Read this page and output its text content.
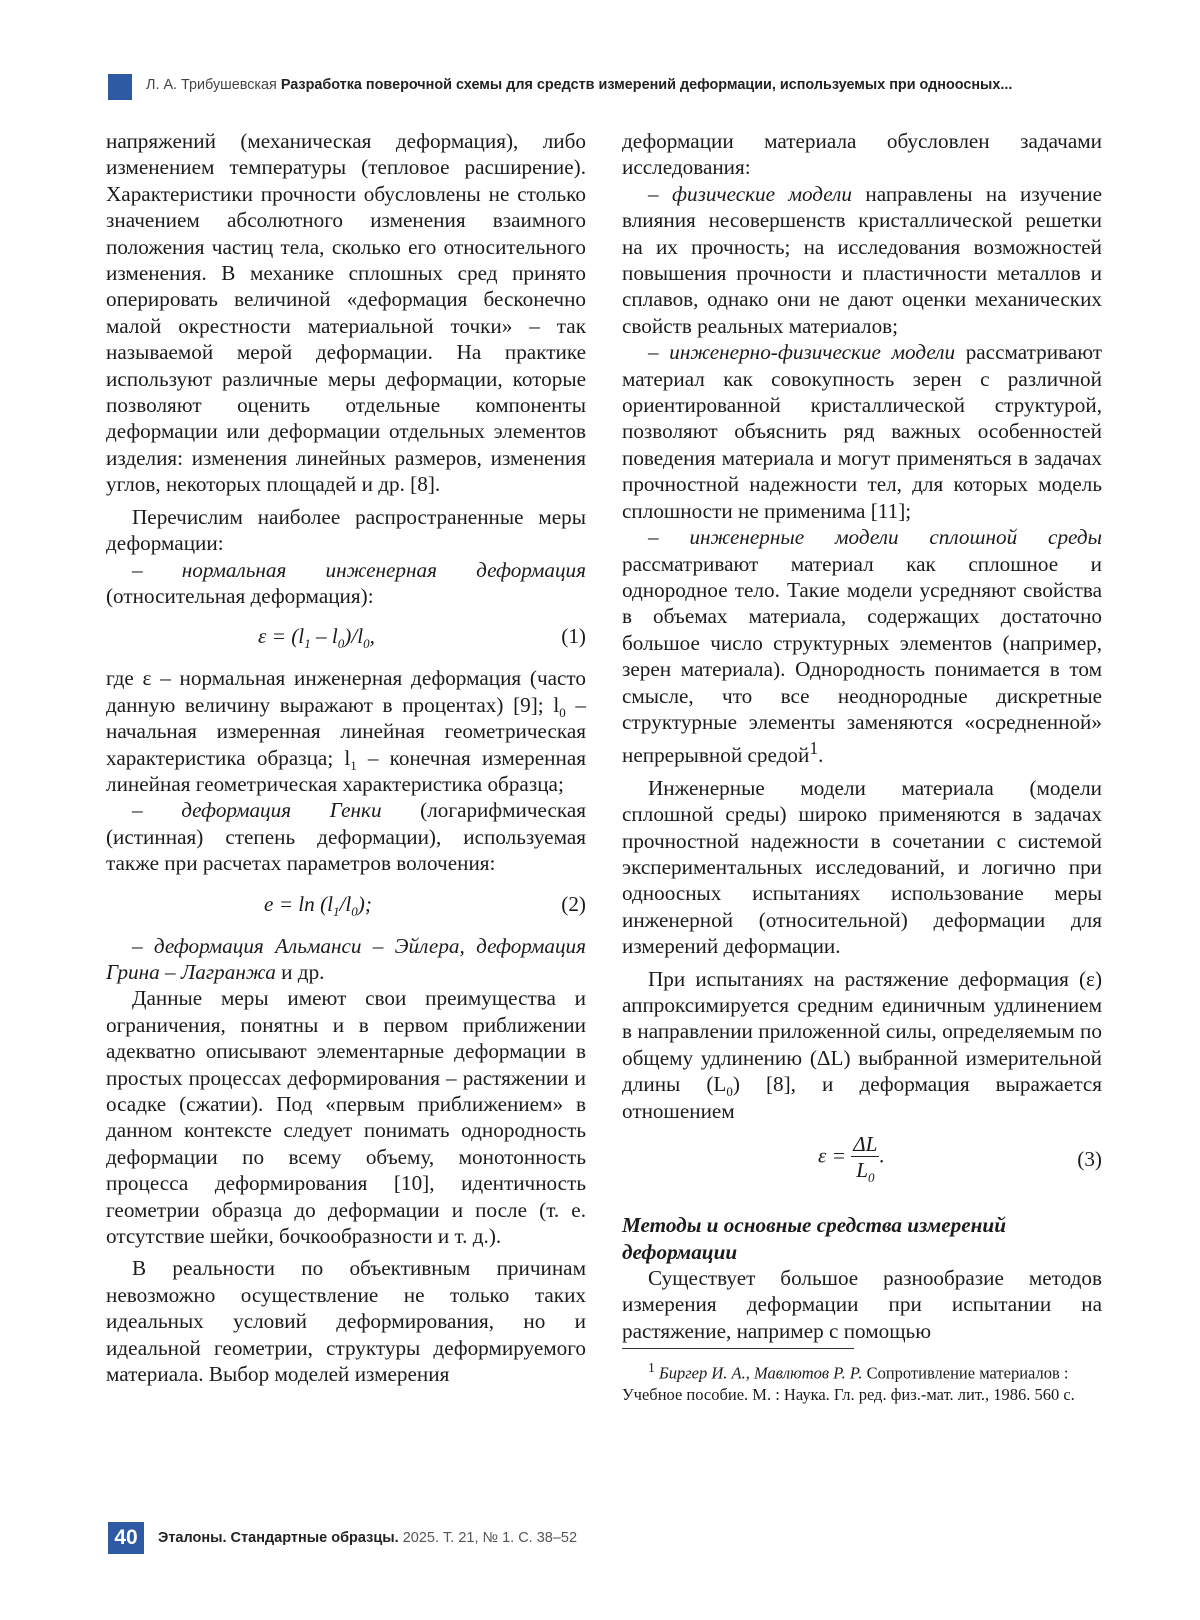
Л. А. Трибушевская Разработка поверочной схемы для средств измерений деформации, используемых при одноосных...

напряжений (механическая деформация), либо изменением температуры (тепловое расширение). Характеристики прочности обусловлены не столько значением абсолютного изменения взаимного положения частиц тела, сколько его относительного изменения. В механике сплошных сред принято оперировать величиной «деформация бесконечно малой окрестности материальной точки» – так называемой мерой деформации. На практике используют различные меры деформации, которые позволяют оценить отдельные компоненты деформации или деформации отдельных элементов изделия: изменения линейных размеров, изменения углов, некоторых площадей и др. [8].

Перечислим наиболее распространенные меры деформации:

– нормальная инженерная деформация (относительная деформация):

$\varepsilon = (l_1 - l_0)/l_0$,	(1)

где ε – нормальная инженерная деформация (часто данную величину выражают в процентах) [9]; $l_0$ – начальная измеренная линейная геометрическая характеристика образца; $l_1$ – конечная измеренная линейная геометрическая характеристика образца;

– деформация Генки (логарифмическая (истинная) степень деформации), используемая также при расчетах параметров волочения:

$e = \ln (l_1/l_0)$;	(2)

– деформация Альманси – Эйлера, деформация Грина – Лагранжа и др.

Данные меры имеют свои преимущества и ограничения, понятны и в первом приближении адекватно описывают элементарные деформации в простых процессах деформирования – растяжении и осадке (сжатии). Под «первым приближением» в данном контексте следует понимать однородность деформации по всему объему, монотонность процесса деформирования [10], идентичность геометрии образца до деформации и после (т. е. отсутствие шейки, бочкообразности и т. д.).

В реальности по объективным причинам невозможно осуществление не только таких идеальных условий деформирования, но и идеальной геометрии, структуры деформируемого материала. Выбор моделей измерения

деформации материала обусловлен задачами исследования:

– физические модели направлены на изучение влияния несовершенств кристаллической решетки на их прочность; на исследования возможностей повышения прочности и пластичности металлов и сплавов, однако они не дают оценки механических свойств реальных материалов;

– инженерно-физические модели рассматривают материал как совокупность зерен с различной ориентированной кристаллической структурой, позволяют объяснить ряд важных особенностей поведения материала и могут применяться в задачах прочностной надежности тел, для которых модель сплошности не применима [11];

– инженерные модели сплошной среды рассматривают материал как сплошное и однородное тело. Такие модели усредняют свойства в объемах материала, содержащих достаточно большое число структурных элементов (например, зерен материала). Однородность понимается в том смысле, что все неоднородные дискретные структурные элементы заменяются «осредненной» непрерывной средой$^1$.

Инженерные модели материала (модели сплошной среды) широко применяются в задачах прочностной надежности в сочетании с системой экспериментальных исследований, и логично при одноосных испытаниях использование меры инженерной (относительной) деформации для измерений деформации.

При испытаниях на растяжение деформация (ε) аппроксимируется средним единичным удлинением в направлении приложенной силы, определяемым по общему удлинению (ΔL) выбранной измерительной длины $(L_0)$ [8], и деформация выражается отношением

$\varepsilon = \frac{\Delta L}{L_0}$ .	(3)

Методы и основные средства измерений деформации

Существует большое разнообразие методов измерения деформации при испытании на растяжение, например с помощью

$^1$ Биргер И. А., Мавлютов Р. Р. Сопротивление материалов : Учебное пособие. М. : Наука. Гл. ред. физ.-мат. лит., 1986. 560 с.

40	Эталоны. Стандартные образцы. 2025. Т. 21, № 1. С. 38–52
